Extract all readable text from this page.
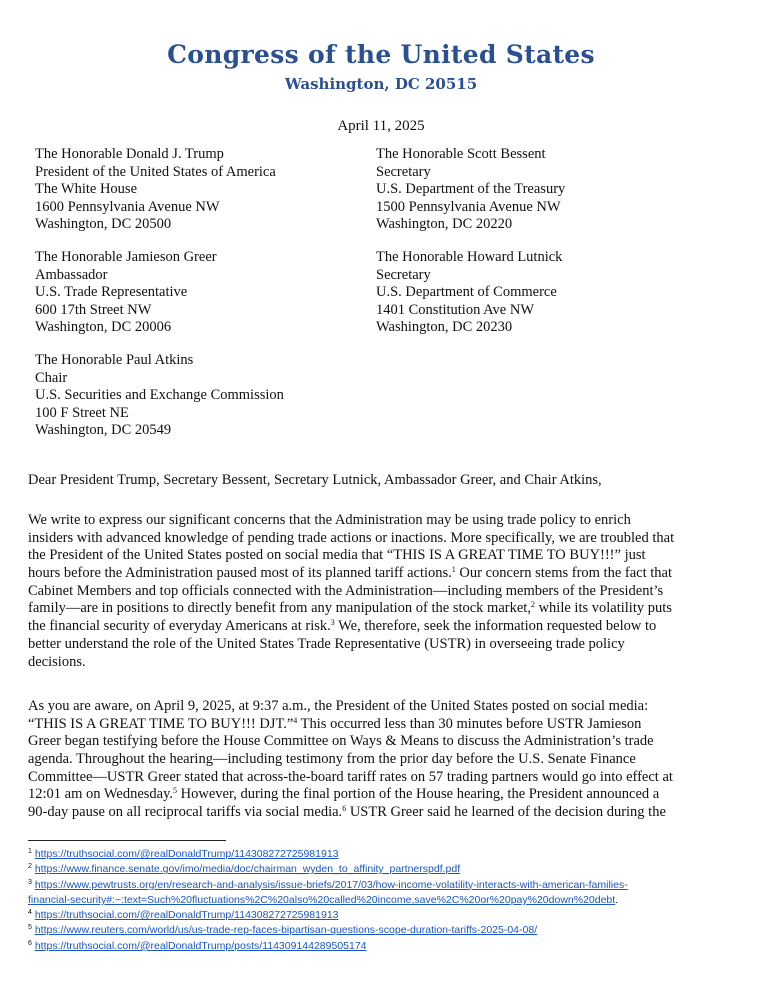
Congress of the United States
Washington, DC 20515
April 11, 2025
The Honorable Donald J. Trump
President of the United States of America
The White House
1600 Pennsylvania Avenue NW
Washington, DC 20500
The Honorable Scott Bessent
Secretary
U.S. Department of the Treasury
1500 Pennsylvania Avenue NW
Washington, DC 20220
The Honorable Jamieson Greer
Ambassador
U.S. Trade Representative
600 17th Street NW
Washington, DC 20006
The Honorable Howard Lutnick
Secretary
U.S. Department of Commerce
1401 Constitution Ave NW
Washington, DC 20230
The Honorable Paul Atkins
Chair
U.S. Securities and Exchange Commission
100 F Street NE
Washington, DC 20549
Dear President Trump, Secretary Bessent, Secretary Lutnick, Ambassador Greer, and Chair Atkins,
We write to express our significant concerns that the Administration may be using trade policy to enrich
insiders with advanced knowledge of pending trade actions or inactions. More specifically, we are troubled that
the President of the United States posted on social media that “THIS IS A GREAT TIME TO BUY!!!” just
hours before the Administration paused most of its planned tariff actions.$^1$ Our concern stems from the fact that
Cabinet Members and top officials connected with the Administration—including members of the President’s
family—are in positions to directly benefit from any manipulation of the stock market,$^2$ while its volatility puts
the financial security of everyday Americans at risk.$^3$ We, therefore, seek the information requested below to
better understand the role of the United States Trade Representative (USTR) in overseeing trade policy
decisions.
As you are aware, on April 9, 2025, at 9:37 a.m., the President of the United States posted on social media:
“THIS IS A GREAT TIME TO BUY!!! DJT.”$^4$ This occurred less than 30 minutes before USTR Jamieson
Greer began testifying before the House Committee on Ways & Means to discuss the Administration’s trade
agenda. Throughout the hearing—including testimony from the prior day before the U.S. Senate Finance
Committee—USTR Greer stated that across-the-board tariff rates on 57 trading partners would go into effect at
12:01 am on Wednesday.$^5$ However, during the final portion of the House hearing, the President announced a
90-day pause on all reciprocal tariffs via social media.$^6$ USTR Greer said he learned of the decision during the
$^1$ https://truthsocial.com/@realDonaldTrump/114308272725981913
$^2$ https://www.finance.senate.gov/imo/media/doc/chairman_wyden_to_affinity_partnerspdf.pdf
$^3$ https://www.pewtrusts.org/en/research-and-analysis/issue-briefs/2017/03/how-income-volatility-interacts-with-american-families-
financial-security#:~:text=Such%20fluctuations%2C%20also%20called%20income,save%2C%20or%20pay%20down%20debt.
$^4$ https://truthsocial.com/@realDonaldTrump/114308272725981913
$^5$ https://www.reuters.com/world/us/us-trade-rep-faces-bipartisan-questions-scope-duration-tariffs-2025-04-08/
$^6$ https://truthsocial.com/@realDonaldTrump/posts/114309144289505174
